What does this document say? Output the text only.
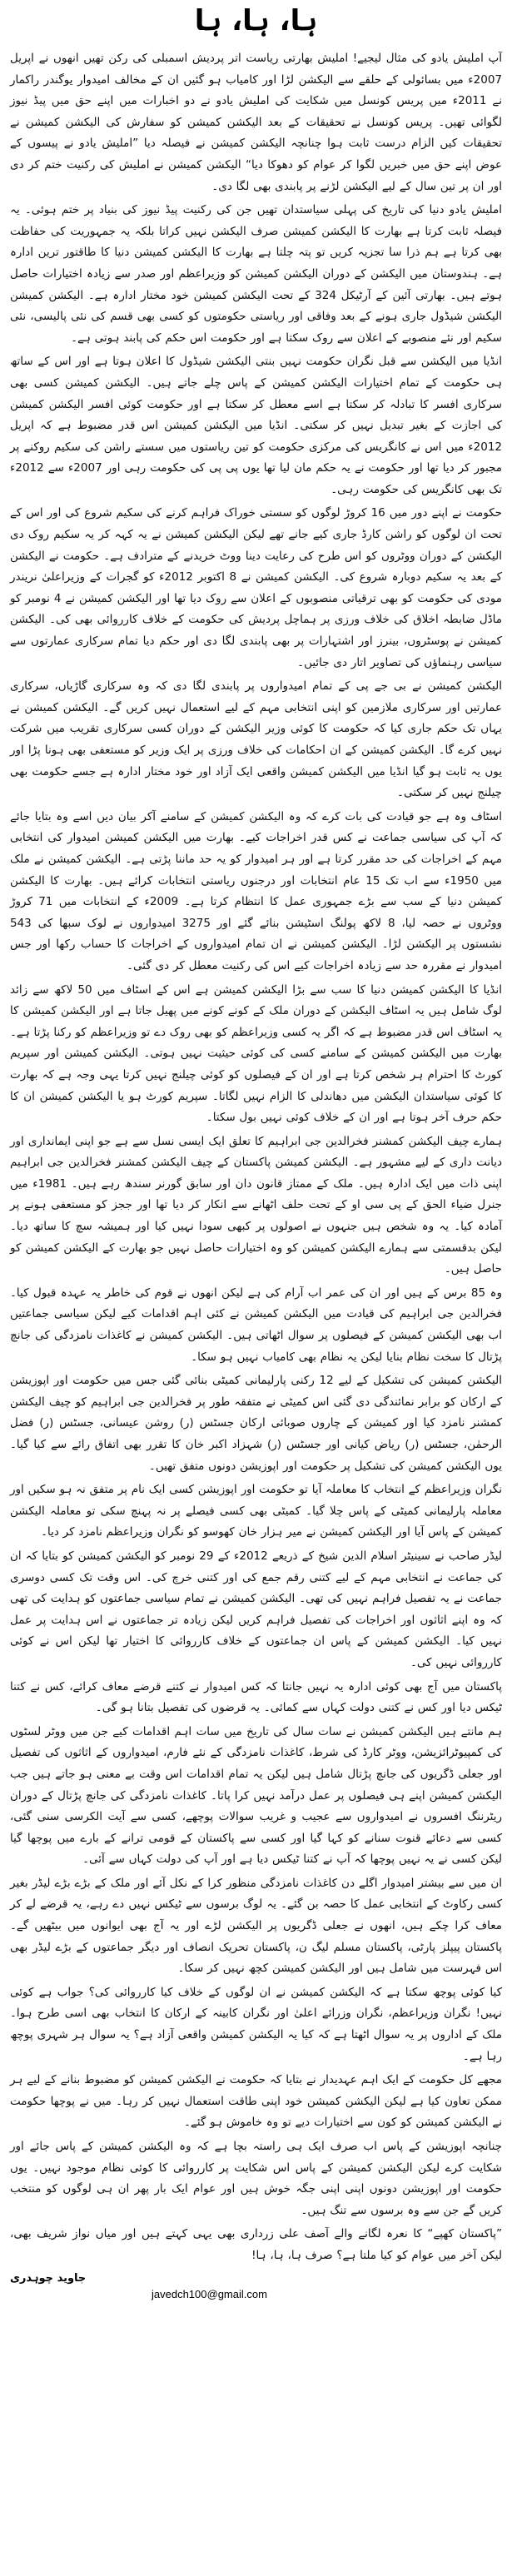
ہا، ہا، ہا

آپ املیش یادو کی مثال لیجیے! املیش بھارتی ریاست اتر پردیش اسمبلی کی رکن تھیں انھوں نے اپریل 2007ء میں بسائولی کے حلقے سے الیکشن لڑا اور کامیاب ہو گئیں ان کے مخالف امیدوار یوگندر راکمار نے 2011ء میں پریس کونسل میں شکایت کی املیش یادو نے دو اخبارات میں اپنے حق میں پیڈ نیوز لگوائی تھیں۔ پریس کونسل نے تحقیقات کے بعد الیکشن کمیشن کو سفارش کی الیکشن کمیشن نے تحقیقات کیں الزام درست ثابت ہوا چنانچہ الیکشن کمیشن نے فیصلہ دیا ”املیش یادو نے پیسوں کے عوض اپنے حق میں خبریں لگوا کر عوام کو دھوکا دیا“ الیکشن کمیشن نے املیش کی رکنیت ختم کر دی اور ان پر تین سال کے لیے الیکشن لڑنے پر پابندی بھی لگا دی۔

املیش یادو دنیا کی تاریخ کی پہلی سیاستدان تھیں جن کی رکنیت پیڈ نیوز کی بنیاد پر ختم ہوئی۔ یہ فیصلہ ثابت کرتا ہے بھارت کا الیکشن کمیشن صرف الیکشن نہیں کراتا بلکہ یہ جمہوریت کی حفاظت بھی کرتا ہے ہم ذرا سا تجزیہ کریں تو پتہ چلتا ہے بھارت کا الیکشن کمیشن دنیا کا طاقتور ترین ادارہ ہے۔ ہندوستان میں الیکشن کے دوران الیکشن کمیشن کو وزیراعظم اور صدر سے زیادہ اختیارات حاصل ہوتے ہیں۔ بھارتی آئین کے آرٹیکل 324 کے تحت الیکشن کمیشن خود مختار ادارہ ہے۔ الیکشن کمیشن الیکشن شیڈول جاری ہونے کے بعد وفاقی اور ریاستی حکومتوں کو کسی بھی قسم کی نئی پالیسی، نئی سکیم اور نئے منصوبے کے اعلان سے روک سکتا ہے اور حکومت اس حکم کی پابند ہوتی ہے۔

انڈیا میں الیکشن سے قبل نگران حکومت نہیں بنتی الیکشن شیڈول کا اعلان ہوتا ہے اور اس کے ساتھ ہی حکومت کے تمام اختیارات الیکشن کمیشن کے پاس چلے جاتے ہیں۔ الیکشن کمیشن کسی بھی سرکاری افسر کا تبادلہ کر سکتا ہے اسے معطل کر سکتا ہے اور حکومت کوئی افسر الیکشن کمیشن کی اجازت کے بغیر تبدیل نہیں کر سکتی۔ انڈیا میں الیکشن کمیشن اس قدر مضبوط ہے کہ اپریل 2012ء میں اس نے کانگریس کی مرکزی حکومت کو تین ریاستوں میں سستے راشن کی سکیم روکنے پر مجبور کر دیا تھا اور حکومت نے یہ حکم مان لیا تھا یوں پی پی کی حکومت رہی اور 2007ء سے 2012ء تک بھی کانگریس کی حکومت رہی۔

حکومت نے اپنے دور میں 16 کروڑ لوگوں کو سستی خوراک فراہم کرنے کی سکیم شروع کی اور اس کے تحت ان لوگوں کو راشن کارڈ جاری کیے جانے تھے لیکن الیکشن کمیشن نے یہ کہہ کر یہ سکیم روک دی الیکشن کے دوران ووٹروں کو اس طرح کی رعایت دینا ووٹ خریدنے کے مترادف ہے۔ حکومت نے الیکشن کے بعد یہ سکیم دوبارہ شروع کی۔ الیکشن کمیشن نے 8 اکتوبر 2012ء کو گجرات کے وزیراعلیٰ نریندر مودی کی حکومت کو بھی ترقیاتی منصوبوں کے اعلان سے روک دیا تھا اور الیکشن کمیشن نے 4 نومبر کو ماڈل ضابطہ اخلاق کی خلاف ورزی پر ہماچل پردیش کی حکومت کے خلاف کارروائی بھی کی۔ الیکشن کمیشن نے پوسٹروں، بینرز اور اشتہارات پر بھی پابندی لگا دی اور حکم دیا تمام سرکاری عمارتوں سے سیاسی رہنماؤں کی تصاویر اتار دی جائیں۔

الیکشن کمیشن نے بی جے پی کے تمام امیدواروں پر پابندی لگا دی کہ وہ سرکاری گاڑیاں، سرکاری عمارتیں اور سرکاری ملازمین کو اپنی انتخابی مہم کے لیے استعمال نہیں کریں گے۔ الیکشن کمیشن نے یہاں تک حکم جاری کیا کہ حکومت کا کوئی وزیر الیکشن کے دوران کسی سرکاری تقریب میں شرکت نہیں کرے گا۔ الیکشن کمیشن کے ان احکامات کی خلاف ورزی پر ایک وزیر کو مستعفی بھی ہونا پڑا اور یوں یہ ثابت ہو گیا انڈیا میں الیکشن کمیشن واقعی ایک آزاد اور خود مختار ادارہ ہے جسے حکومت بھی چیلنج نہیں کر سکتی۔

اسٹاف وہ ہے جو قیادت کی بات کرے کہ وہ الیکشن کمیشن کے سامنے آکر بیان دیں اسے وہ بتایا جائے کہ آپ کی سیاسی جماعت نے کس قدر اخراجات کیے۔ بھارت میں الیکشن کمیشن امیدوار کی انتخابی مہم کے اخراجات کی حد مقرر کرتا ہے اور ہر امیدوار کو یہ حد ماننا پڑتی ہے۔ الیکشن کمیشن نے ملک میں 1950ء سے اب تک 15 عام انتخابات اور درجنوں ریاستی انتخابات کرائے ہیں۔ بھارت کا الیکشن کمیشن دنیا کے سب سے بڑے جمہوری عمل کا انتظام کرتا ہے۔ 2009ء کے انتخابات میں 71 کروڑ ووٹروں نے حصہ لیا، 8 لاکھ پولنگ اسٹیشن بنائے گئے اور 3275 امیدواروں نے لوک سبھا کی 543 نشستوں پر الیکشن لڑا۔ الیکشن کمیشن نے ان تمام امیدواروں کے اخراجات کا حساب رکھا اور جس امیدوار نے مقررہ حد سے زیادہ اخراجات کیے اس کی رکنیت معطل کر دی گئی۔

انڈیا کا الیکشن کمیشن دنیا کا سب سے بڑا الیکشن کمیشن ہے اس کے اسٹاف میں 50 لاکھ سے زائد لوگ شامل ہیں یہ اسٹاف الیکشن کے دوران ملک کے کونے کونے میں پھیل جاتا ہے اور الیکشن کمیشن کا یہ اسٹاف اس قدر مضبوط ہے کہ اگر یہ کسی وزیراعظم کو بھی روک دے تو وزیراعظم کو رکنا پڑتا ہے۔ بھارت میں الیکشن کمیشن کے سامنے کسی کی کوئی حیثیت نہیں ہوتی۔ الیکشن کمیشن اور سپریم کورٹ کا احترام ہر شخص کرتا ہے اور ان کے فیصلوں کو کوئی چیلنج نہیں کرتا یہی وجہ ہے کہ بھارت کا کوئی سیاستدان الیکشن میں دھاندلی کا الزام نہیں لگاتا۔ سپریم کورٹ ہو یا الیکشن کمیشن ان کا حکم حرف آخر ہوتا ہے اور ان کے خلاف کوئی نہیں بول سکتا۔

ہمارے چیف الیکشن کمشنر فخرالدین جی ابراہیم کا تعلق ایک ایسی نسل سے ہے جو اپنی ایمانداری اور دیانت داری کے لیے مشہور ہے۔ الیکشن کمیشن پاکستان کے چیف الیکشن کمشنر فخرالدین جی ابراہیم اپنی ذات میں ایک ادارہ ہیں۔ ملک کے ممتاز قانون دان اور سابق گورنر سندھ رہے ہیں۔ 1981ء میں جنرل ضیاء الحق کے پی سی او کے تحت حلف اٹھانے سے انکار کر دیا تھا اور ججز کو مستعفی ہونے پر آمادہ کیا۔ یہ وہ شخص ہیں جنہوں نے اصولوں پر کبھی سودا نہیں کیا اور ہمیشہ سچ کا ساتھ دیا۔ لیکن بدقسمتی سے ہمارے الیکشن کمیشن کو وہ اختیارات حاصل نہیں جو بھارت کے الیکشن کمیشن کو حاصل ہیں۔

وہ 85 برس کے ہیں اور ان کی عمر اب آرام کی ہے لیکن انھوں نے قوم کی خاطر یہ عہدہ قبول کیا۔ فخرالدین جی ابراہیم کی قیادت میں الیکشن کمیشن نے کئی اہم اقدامات کیے لیکن سیاسی جماعتیں اب بھی الیکشن کمیشن کے فیصلوں پر سوال اٹھاتی ہیں۔ الیکشن کمیشن نے کاغذات نامزدگی کی جانچ پڑتال کا سخت نظام بنایا لیکن یہ نظام بھی کامیاب نہیں ہو سکا۔

الیکشن کمیشن کی تشکیل کے لیے 12 رکنی پارلیمانی کمیٹی بنائی گئی جس میں حکومت اور اپوزیشن کے ارکان کو برابر نمائندگی دی گئی اس کمیٹی نے متفقہ طور پر فخرالدین جی ابراہیم کو چیف الیکشن کمشنر نامزد کیا اور کمیشن کے چاروں صوبائی ارکان جسٹس (ر) روشن عیسانی، جسٹس (ر) فضل الرحمٰن، جسٹس (ر) ریاض کیانی اور جسٹس (ر) شہزاد اکبر خان کا تقرر بھی اتفاق رائے سے کیا گیا۔ یوں الیکشن کمیشن کی تشکیل پر حکومت اور اپوزیشن دونوں متفق تھیں۔

نگران وزیراعظم کے انتخاب کا معاملہ آیا تو حکومت اور اپوزیشن کسی ایک نام پر متفق نہ ہو سکیں اور معاملہ پارلیمانی کمیٹی کے پاس چلا گیا۔ کمیٹی بھی کسی فیصلے پر نہ پہنچ سکی تو معاملہ الیکشن کمیشن کے پاس آیا اور الیکشن کمیشن نے میر ہزار خان کھوسو کو نگران وزیراعظم نامزد کر دیا۔

لیڈر صاحب نے سینیٹر اسلام الدین شیخ کے ذریعے 2012ء کے 29 نومبر کو الیکشن کمیشن کو بتایا کہ ان کی جماعت نے انتخابی مہم کے لیے کتنی رقم جمع کی اور کتنی خرچ کی۔ اس وقت تک کسی دوسری جماعت نے یہ تفصیل فراہم نہیں کی تھی۔ الیکشن کمیشن نے تمام سیاسی جماعتوں کو ہدایت کی تھی کہ وہ اپنے اثاثوں اور اخراجات کی تفصیل فراہم کریں لیکن زیادہ تر جماعتوں نے اس ہدایت پر عمل نہیں کیا۔ الیکشن کمیشن کے پاس ان جماعتوں کے خلاف کارروائی کا اختیار تھا لیکن اس نے کوئی کارروائی نہیں کی۔

پاکستان میں آج بھی کوئی ادارہ یہ نہیں جانتا کہ کس امیدوار نے کتنے قرضے معاف کرائے، کس نے کتنا ٹیکس دیا اور کس نے کتنی دولت کہاں سے کمائی۔ یہ قرضوں کی تفصیل بتانا ہو گی۔

ہم مانتے ہیں الیکشن کمیشن نے سات سال کی تاریخ میں سات اہم اقدامات کیے جن میں ووٹر لسٹوں کی کمپیوٹرائزیشن، ووٹر کارڈ کی شرط، کاغذات نامزدگی کے نئے فارم، امیدواروں کے اثاثوں کی تفصیل اور جعلی ڈگریوں کی جانچ پڑتال شامل ہیں لیکن یہ تمام اقدامات اس وقت بے معنی ہو جاتے ہیں جب الیکشن کمیشن اپنے ہی فیصلوں پر عمل درآمد نہیں کرا پاتا۔ کاغذات نامزدگی کی جانچ پڑتال کے دوران ریٹرننگ افسروں نے امیدواروں سے عجیب و غریب سوالات پوچھے، کسی سے آیت الکرسی سنی گئی، کسی سے دعائے قنوت سنانے کو کہا گیا اور کسی سے پاکستان کے قومی ترانے کے بارے میں پوچھا گیا لیکن کسی نے یہ نہیں پوچھا کہ آپ نے کتنا ٹیکس دیا ہے اور آپ کی دولت کہاں سے آئی۔

ان میں سے بیشتر امیدوار اگلے دن کاغذات نامزدگی منظور کرا کے نکل آئے اور ملک کے بڑے بڑے لیڈر بغیر کسی رکاوٹ کے انتخابی عمل کا حصہ بن گئے۔ یہ لوگ برسوں سے ٹیکس نہیں دے رہے، یہ قرضے لے کر معاف کرا چکے ہیں، انھوں نے جعلی ڈگریوں پر الیکشن لڑے اور یہ آج بھی ایوانوں میں بیٹھیں گے۔ پاکستان پیپلز پارٹی، پاکستان مسلم لیگ ن، پاکستان تحریک انصاف اور دیگر جماعتوں کے بڑے لیڈر بھی اس فہرست میں شامل ہیں اور الیکشن کمیشن کچھ نہیں کر سکا۔

کیا کوئی پوچھ سکتا ہے کہ الیکشن کمیشن نے ان لوگوں کے خلاف کیا کارروائی کی؟ جواب ہے کوئی نہیں! نگران وزیراعظم، نگران وزرائے اعلیٰ اور نگران کابینہ کے ارکان کا انتخاب بھی اسی طرح ہوا۔ ملک کے اداروں پر یہ سوال اٹھتا ہے کہ کیا یہ الیکشن کمیشن واقعی آزاد ہے؟ یہ سوال ہر شہری پوچھ رہا ہے۔

مجھے کل حکومت کے ایک اہم عہدیدار نے بتایا کہ حکومت نے الیکشن کمیشن کو مضبوط بنانے کے لیے ہر ممکن تعاون کیا ہے لیکن الیکشن کمیشن خود اپنی طاقت استعمال نہیں کر رہا۔ میں نے پوچھا حکومت نے الیکشن کمیشن کو کون سے اختیارات دیے تو وہ خاموش ہو گئے۔

چنانچہ اپوزیشن کے پاس اب صرف ایک ہی راستہ بچا ہے کہ وہ الیکشن کمیشن کے پاس جائے اور شکایت کرے لیکن الیکشن کمیشن کے پاس اس شکایت پر کارروائی کا کوئی نظام موجود نہیں۔ یوں حکومت اور اپوزیشن دونوں اپنی اپنی جگہ خوش ہیں اور عوام ایک بار پھر ان ہی لوگوں کو منتخب کریں گے جن سے وہ برسوں سے تنگ ہیں۔

”پاکستان کھپے“ کا نعرہ لگانے والے آصف علی زرداری بھی یہی کہتے ہیں اور میاں نواز شریف بھی، لیکن آخر میں عوام کو کیا ملتا ہے؟ صرف ہا، ہا، ہا!

جاوید چوہدری
javedch100@gmail.com
